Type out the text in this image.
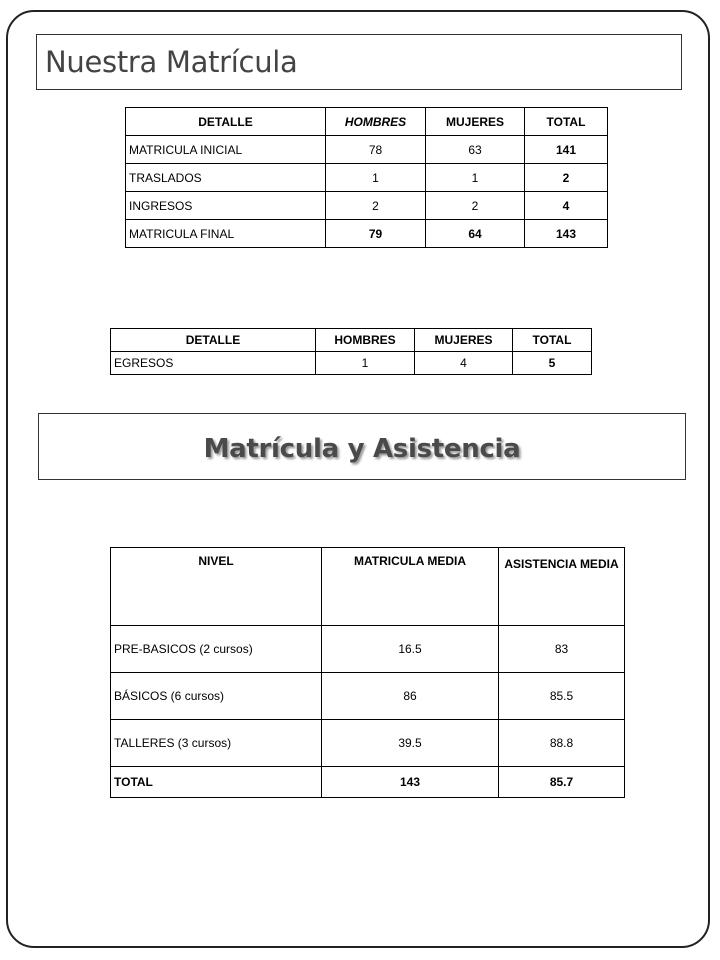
Nuestra Matrícula
DETALLE	HOMBRES	MUJERES	TOTAL
MATRICULA INICIAL	78	63	141
TRASLADOS	1	1	2
INGRESOS	2	2	4
MATRICULA FINAL	79	64	143
DETALLE	HOMBRES	MUJERES	TOTAL
EGRESOS	1	4	5
Matrícula y Asistencia
NIVEL	MATRICULA MEDIA	ASISTENCIA MEDIA
PRE-BASICOS (2 cursos)	16.5	83
BÁSICOS (6 cursos)	86	85.5
TALLERES (3 cursos)	39.5	88.8
TOTAL	143	85.7
